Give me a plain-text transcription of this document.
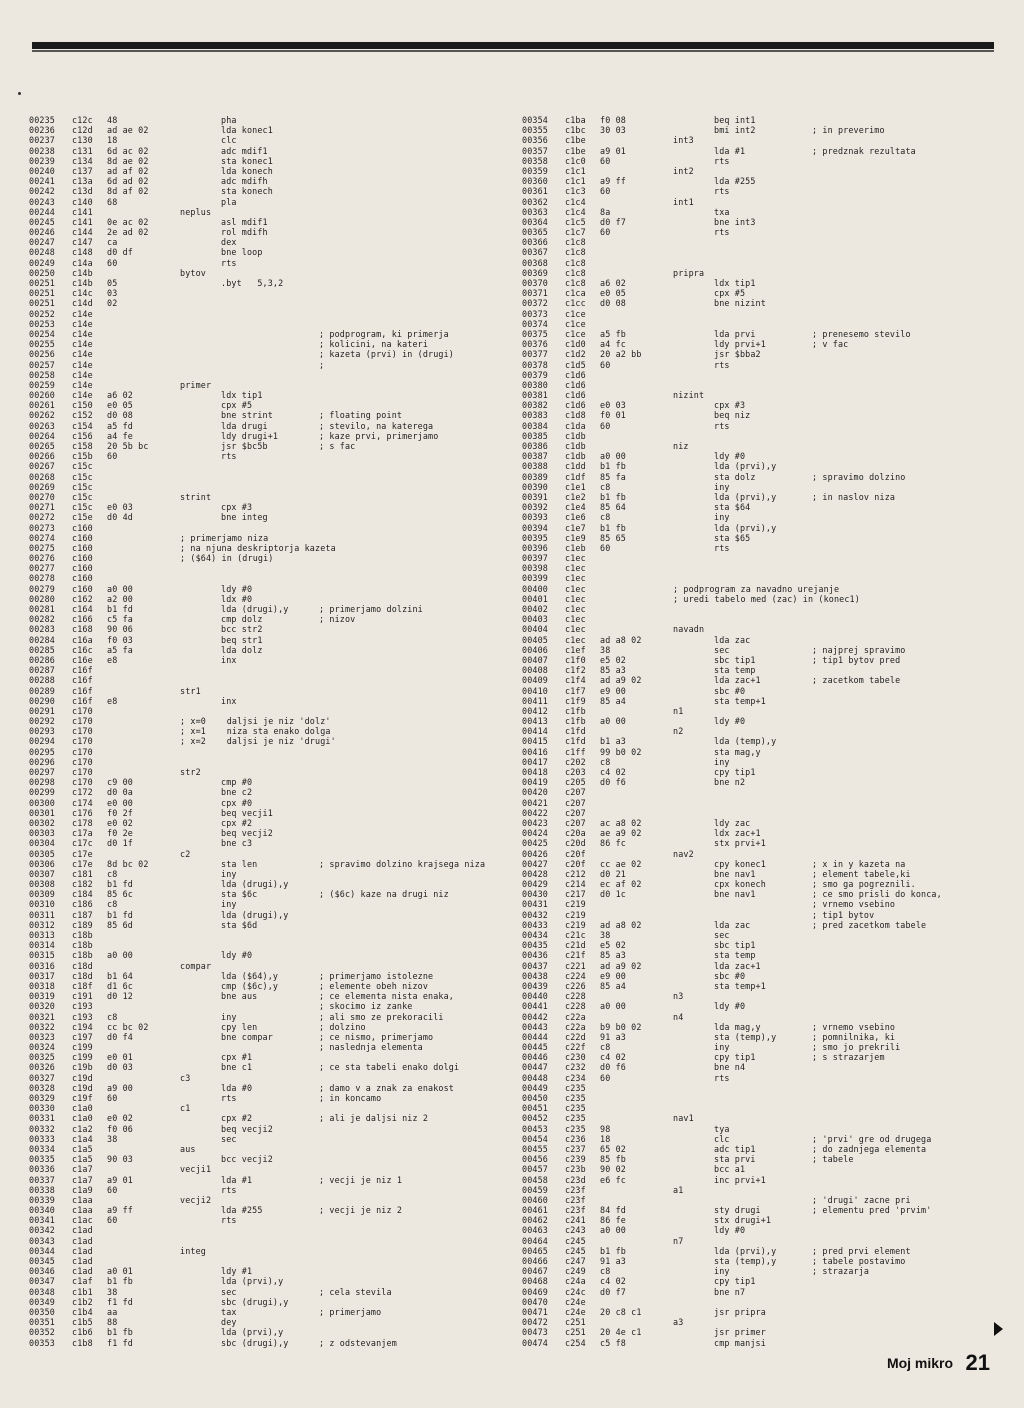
00235 c12c 48	pha
00236 c12d ad ae 02	lda konec1
00237 c130 18	clc
00238 c131 6d ac 02	adc mdif1
00239 c134 8d ae 02	sta konec1
00240 c137 ad af 02	lda konech
00241 c13a 6d ad 02	adc mdifh
00242 c13d 8d af 02	sta konech
00243 c140 68	pla
00244 c141	neplus
00245 c141 0e ac 02	asl mdif1
00246 c144 2e ad 02	rol mdifh
00247 c147 ca	dex
00248 c148 d0 df	bne loop
00249 c14a 60	rts
00250 c14b	bytov
00251 c14b 05	.byt   5,3,2
00251 c14c 03
00251 c14d 02
00252 c14e
00253 c14e
00254 c14e	; podprogram, ki primerja
00255 c14e	; kolicini, na kateri
00256 c14e	; kazeta (prvi) in (drugi)
00257 c14e	;
00258 c14e
00259 c14e	primer
00260 c14e a6 02	ldx tip1
00261 c150 e0 05	cpx #5
00262 c152 d0 08	bne strint	; floating point
00263 c154 a5 fd	lda drugi	; stevilo, na katerega
00264 c156 a4 fe	ldy drugi+1	; kaze prvi, primerjamo
00265 c158 20 5b bc	jsr $bc5b	; s fac
00266 c15b 60	rts
00267 c15c
00268 c15c
00269 c15c
00270 c15c	strint
00271 c15c e0 03	cpx #3
00272 c15e d0 4d	bne integ
00273 c160
00274 c160	; primerjamo niza
00275 c160	; na njuna deskriptorja kazeta
00276 c160	; ($64) in (drugi)
00277 c160
00278 c160
00279 c160 a0 00	ldy #0
00280 c162 a2 00	ldx #0
00281 c164 b1 fd	lda (drugi),y	; primerjamo dolzini
00282 c166 c5 fa	cmp dolz	; nizov
00283 c168 90 06	bcc str2
00284 c16a f0 03	beq str1
00285 c16c a5 fa	lda dolz
00286 c16e e8	inx
00287 c16f
00288 c16f
00289 c16f	str1
00290 c16f e8	inx
00291 c170
00292 c170	; x=0    daljsi je niz 'dolz'
00293 c170	; x=1    niza sta enako dolga
00294 c170	; x=2    daljsi je niz 'drugi'
00295 c170
00296 c170
00297 c170	str2
00298 c170 c9 00	cmp #0
00299 c172 d0 0a	bne c2
00300 c174 e0 00	cpx #0
00301 c176 f0 2f	beq vecji1
00302 c178 e0 02	cpx #2
00303 c17a f0 2e	beq vecji2
00304 c17c d0 1f	bne c3
00305 c17e	c2
00306 c17e 8d bc 02	sta len	; spravimo dolzino krajsega niza
00307 c181 c8	iny
00308 c182 b1 fd	lda (drugi),y
00309 c184 85 6c	sta $6c	; ($6c) kaze na drugi niz
00310 c186 c8	iny
00311 c187 b1 fd	lda (drugi),y
00312 c189 85 6d	sta $6d
00313 c18b
00314 c18b
00315 c18b a0 00	ldy #0
00316 c18d	compar
00317 c18d b1 64	lda ($64),y	; primerjamo istolezne
00318 c18f d1 6c	cmp ($6c),y	; elemente obeh nizov
00319 c191 d0 12	bne aus	; ce elementa nista enaka,
00320 c193	; skocimo iz zanke
00321 c193 c8	iny	; ali smo ze prekoracili
00322 c194 cc bc 02	cpy len	; dolzino
00323 c197 d0 f4	bne compar	; ce nismo, primerjamo
00324 c199	; naslednja elementa
00325 c199 e0 01	cpx #1
00326 c19b d0 03	bne c1	; ce sta tabeli enako dolgi
00327 c19d	c3
00328 c19d a9 00	lda #0	; damo v a znak za enakost
00329 c19f 60	rts	; in koncamo
00330 c1a0	c1
00331 c1a0 e0 02	cpx #2	; ali je daljsi niz 2
00332 c1a2 f0 06	beq vecji2
00333 c1a4 38	sec
00334 c1a5	aus
00335 c1a5 90 03	bcc vecji2
00336 c1a7	vecji1
00337 c1a7 a9 01	lda #1	; vecji je niz 1
00338 c1a9 60	rts
00339 c1aa	vecji2
00340 c1aa a9 ff	lda #255	; vecji je niz 2
00341 c1ac 60	rts
00342 c1ad
00343 c1ad
00344 c1ad	integ
00345 c1ad
00346 c1ad a0 01	ldy #1
00347 c1af b1 fb	lda (prvi),y
00348 c1b1 38	sec	; cela stevila
00349 c1b2 f1 fd	sbc (drugi),y
00350 c1b4 aa	tax	; primerjamo
00351 c1b5 88	dey
00352 c1b6 b1 fb	lda (prvi),y
00353 c1b8 f1 fd	sbc (drugi),y	; z odstevanjem
00354 c1ba f0 08	beq int1
00355 c1bc 30 03	bmi int2	; in preverimo
00356 c1be	int3
00357 c1be a9 01	lda #1	; predznak rezultata
00358 c1c0 60	rts
00359 c1c1	int2
00360 c1c1 a9 ff	lda #255
00361 c1c3 60	rts
00362 c1c4	int1
00363 c1c4 8a	txa
00364 c1c5 d0 f7	bne int3
00365 c1c7 60	rts
00366 c1c8
00367 c1c8
00368 c1c8
00369 c1c8	pripra
00370 c1c8 a6 02	ldx tip1
00371 c1ca e0 05	cpx #5
00372 c1cc d0 08	bne nizint
00373 c1ce
00374 c1ce
00375 c1ce a5 fb	lda prvi	; prenesemo stevilo
00376 c1d0 a4 fc	ldy prvi+1	; v fac
00377 c1d2 20 a2 bb	jsr $bba2
00378 c1d5 60	rts
00379 c1d6
00380 c1d6
00381 c1d6	nizint
00382 c1d6 e0 03	cpx #3
00383 c1d8 f0 01	beq niz
00384 c1da 60	rts
00385 c1db
00386 c1db	niz
00387 c1db a0 00	ldy #0
00388 c1dd b1 fb	lda (prvi),y
00389 c1df 85 fa	sta dolz	; spravimo dolzino
00390 c1e1 c8	iny
00391 c1e2 b1 fb	lda (prvi),y	; in naslov niza
00392 c1e4 85 64	sta $64
00393 c1e6 c8	iny
00394 c1e7 b1 fb	lda (prvi),y
00395 c1e9 85 65	sta $65
00396 c1eb 60	rts
00397 c1ec
00398 c1ec
00399 c1ec
00400 c1ec	; podprogram za navadno urejanje
00401 c1ec	; uredi tabelo med (zac) in (konec1)
00402 c1ec
00403 c1ec
00404 c1ec	navadn
00405 c1ec ad a8 02	lda zac
00406 c1ef 38	sec	; najprej spravimo
00407 c1f0 e5 02	sbc tip1	; tip1 bytov pred
00408 c1f2 85 a3	sta temp
00409 c1f4 ad a9 02	lda zac+1	; zacetkom tabele
00410 c1f7 e9 00	sbc #0
00411 c1f9 85 a4	sta temp+1
00412 c1fb	n1
00413 c1fb a0 00	ldy #0
00414 c1fd	n2
00415 c1fd b1 a3	lda (temp),y
00416 c1ff 99 b0 02	sta mag,y
00417 c202 c8	iny
00418 c203 c4 02	cpy tip1
00419 c205 d0 f6	bne n2
00420 c207
00421 c207
00422 c207
00423 c207 ac a8 02	ldy zac
00424 c20a ae a9 02	ldx zac+1
00425 c20d 86 fc	stx prvi+1
00426 c20f	nav2
00427 c20f cc ae 02	cpy konec1	; x in y kazeta na
00428 c212 d0 21	bne nav1	; element tabele,ki
00429 c214 ec af 02	cpx konech	; smo ga pogreznili.
00430 c217 d0 1c	bne nav1	; ce smo prisli do konca,
00431 c219	; vrnemo vsebino
00432 c219	; tip1 bytov
00433 c219 ad a8 02	lda zac	; pred zacetkom tabele
00434 c21c 38	sec
00435 c21d e5 02	sbc tip1
00436 c21f 85 a3	sta temp
00437 c221 ad a9 02	lda zac+1
00438 c224 e9 00	sbc #0
00439 c226 85 a4	sta temp+1
00440 c228	n3
00441 c228 a0 00	ldy #0
00442 c22a	n4
00443 c22a b9 b0 02	lda mag,y	; vrnemo vsebino
00444 c22d 91 a3	sta (temp),y	; pomnilnika, ki
00445 c22f c8	iny	; smo jo prekrili
00446 c230 c4 02	cpy tip1	; s strazarjem
00447 c232 d0 f6	bne n4
00448 c234 60	rts
00449 c235
00450 c235
00451 c235
00452 c235	nav1
00453 c235 98	tya
00454 c236 18	clc	; 'prvi' gre od drugega
00455 c237 65 02	adc tip1	; do zadnjega elementa
00456 c239 85 fb	sta prvi	; tabele
00457 c23b 90 02	bcc a1
00458 c23d e6 fc	inc prvi+1
00459 c23f	a1
00460 c23f	; 'drugi' zacne pri
00461 c23f 84 fd	sty drugi	; elementu pred 'prvim'
00462 c241 86 fe	stx drugi+1
00463 c243 a0 00	ldy #0
00464 c245	n7
00465 c245 b1 fb	lda (prvi),y	; pred prvi element
00466 c247 91 a3	sta (temp),y	; tabele postavimo
00467 c249 c8	iny	; strazarja
00468 c24a c4 02	cpy tip1
00469 c24c d0 f7	bne n7
00470 c24e
00471 c24e 20 c8 c1	jsr pripra
00472 c251	a3
00473 c251 20 4e c1	jsr primer
00474 c254 c5 f8	cmp manjsi
Moj mikro 21
